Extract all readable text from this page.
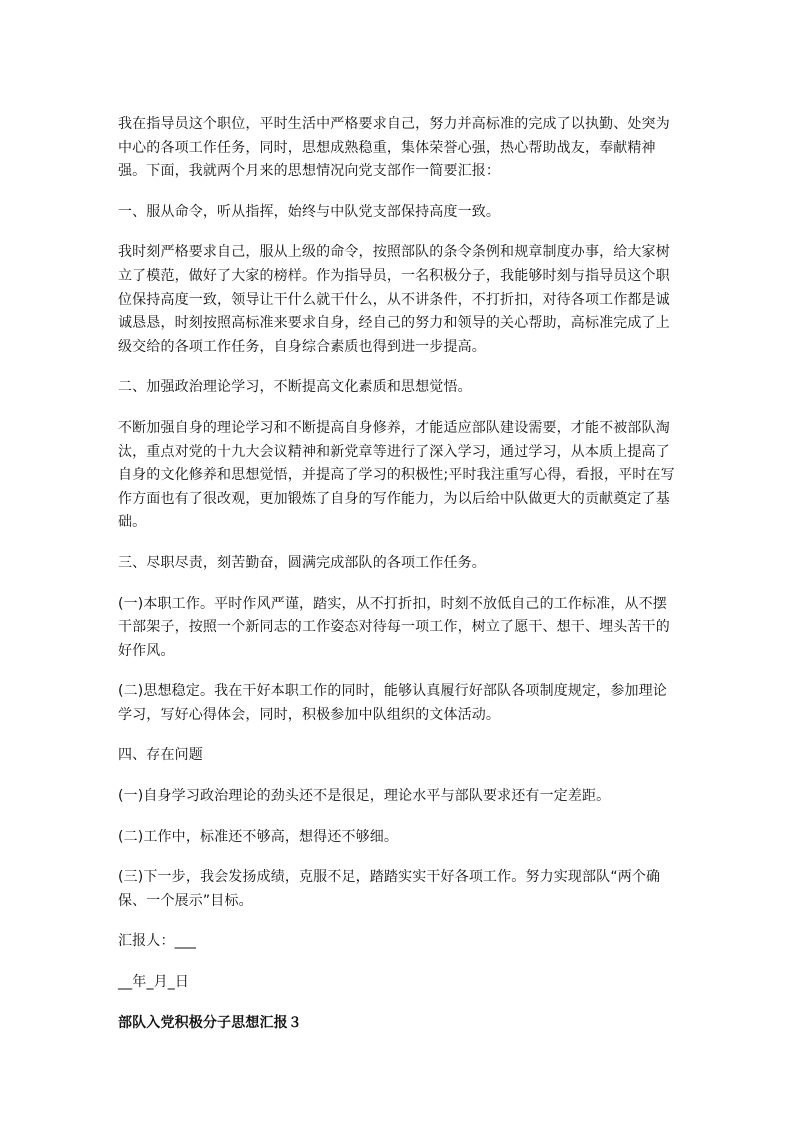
我在指导员这个职位，平时生活中严格要求自己，努力并高标准的完成了以执勤、处突为中心的各项工作任务，同时，思想成熟稳重，集体荣誉心强，热心帮助战友，奉献精神强。下面，我就两个月来的思想情况向党支部作一简要汇报：

一、服从命令，听从指挥，始终与中队党支部保持高度一致。

我时刻严格要求自己，服从上级的命令，按照部队的条令条例和规章制度办事，给大家树立了模范，做好了大家的榜样。作为指导员，一名积极分子，我能够时刻与指导员这个职位保持高度一致，领导让干什么就干什么，从不讲条件，不打折扣，对待各项工作都是诚诚恳恳，时刻按照高标准来要求自身，经自己的努力和领导的关心帮助，高标准完成了上级交给的各项工作任务，自身综合素质也得到进一步提高。

二、加强政治理论学习，不断提高文化素质和思想觉悟。

不断加强自身的理论学习和不断提高自身修养，才能适应部队建设需要，才能不被部队淘汰，重点对党的十九大会议精神和新党章等进行了深入学习，通过学习，从本质上提高了自身的文化修养和思想觉悟，并提高了学习的积极性;平时我注重写心得，看报，平时在写作方面也有了很改观，更加锻炼了自身的写作能力，为以后给中队做更大的贡献奠定了基础。

三、尽职尽责，刻苦勤奋，圆满完成部队的各项工作任务。

(一)本职工作。平时作风严谨，踏实，从不打折扣，时刻不放低自己的工作标准，从不摆干部架子，按照一个新同志的工作姿态对待每一项工作，树立了愿干、想干、埋头苦干的好作风。

(二)思想稳定。我在干好本职工作的同时，能够认真履行好部队各项制度规定，参加理论学习，写好心得体会，同时，积极参加中队组织的文体活动。

四、存在问题

(一)自身学习政治理论的劲头还不是很足，理论水平与部队要求还有一定差距。

(二)工作中，标准还不够高，想得还不够细。

(三)下一步，我会发扬成绩，克服不足，踏踏实实干好各项工作。努力实现部队“两个确保、一个展示”目标。

汇报人：___

__年_月_日

部队入党积极分子思想汇报３
